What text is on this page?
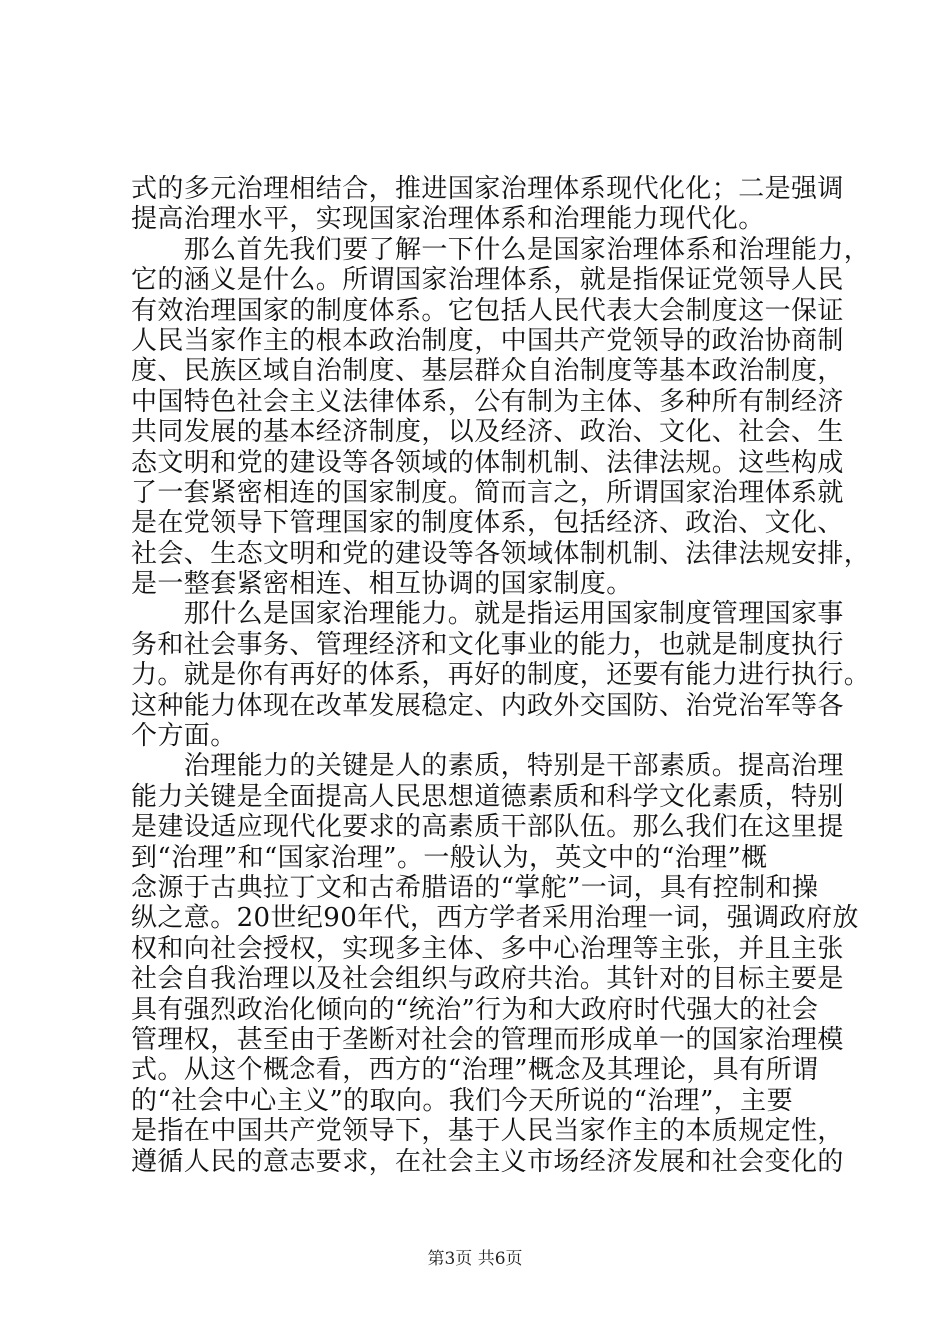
式的多元治理相结合，推进国家治理体系现代化化；二是强调
提高治理水平，实现国家治理体系和治理能力现代化。
　　那么首先我们要了解一下什么是国家治理体系和治理能力，
它的涵义是什么。所谓国家治理体系，就是指保证党领导人民
有效治理国家的制度体系。它包括人民代表大会制度这一保证
人民当家作主的根本政治制度，中国共产党领导的政治协商制
度、民族区域自治制度、基层群众自治制度等基本政治制度，
中国特色社会主义法律体系，公有制为主体、多种所有制经济
共同发展的基本经济制度，以及经济、政治、文化、社会、生
态文明和党的建设等各领域的体制机制、法律法规。这些构成
了一套紧密相连的国家制度。简而言之，所谓国家治理体系就
是在党领导下管理国家的制度体系，包括经济、政治、文化、
社会、生态文明和党的建设等各领域体制机制、法律法规安排，
是一整套紧密相连、相互协调的国家制度。
　　那什么是国家治理能力。就是指运用国家制度管理国家事
务和社会事务、管理经济和文化事业的能力，也就是制度执行
力。就是你有再好的体系，再好的制度，还要有能力进行执行。
这种能力体现在改革发展稳定、内政外交国防、治党治军等各
个方面。
　　治理能力的关键是人的素质，特别是干部素质。提高治理
能力关键是全面提高人民思想道德素质和科学文化素质，特别
是建设适应现代化要求的高素质干部队伍。那么我们在这里提
到“治理”和“国家治理”。一般认为，英文中的“治理”概
念源于古典拉丁文和古希腊语的“掌舵”一词，具有控制和操
纵之意。20世纪90年代，西方学者采用治理一词，强调政府放
权和向社会授权，实现多主体、多中心治理等主张，并且主张
社会自我治理以及社会组织与政府共治。其针对的目标主要是
具有强烈政治化倾向的“统治”行为和大政府时代强大的社会
管理权，甚至由于垄断对社会的管理而形成单一的国家治理模
式。从这个概念看，西方的“治理”概念及其理论，具有所谓
的“社会中心主义”的取向。我们今天所说的“治理”，主要
是指在中国共产党领导下，基于人民当家作主的本质规定性，
遵循人民的意志要求，在社会主义市场经济发展和社会变化的
第3页 共6页
